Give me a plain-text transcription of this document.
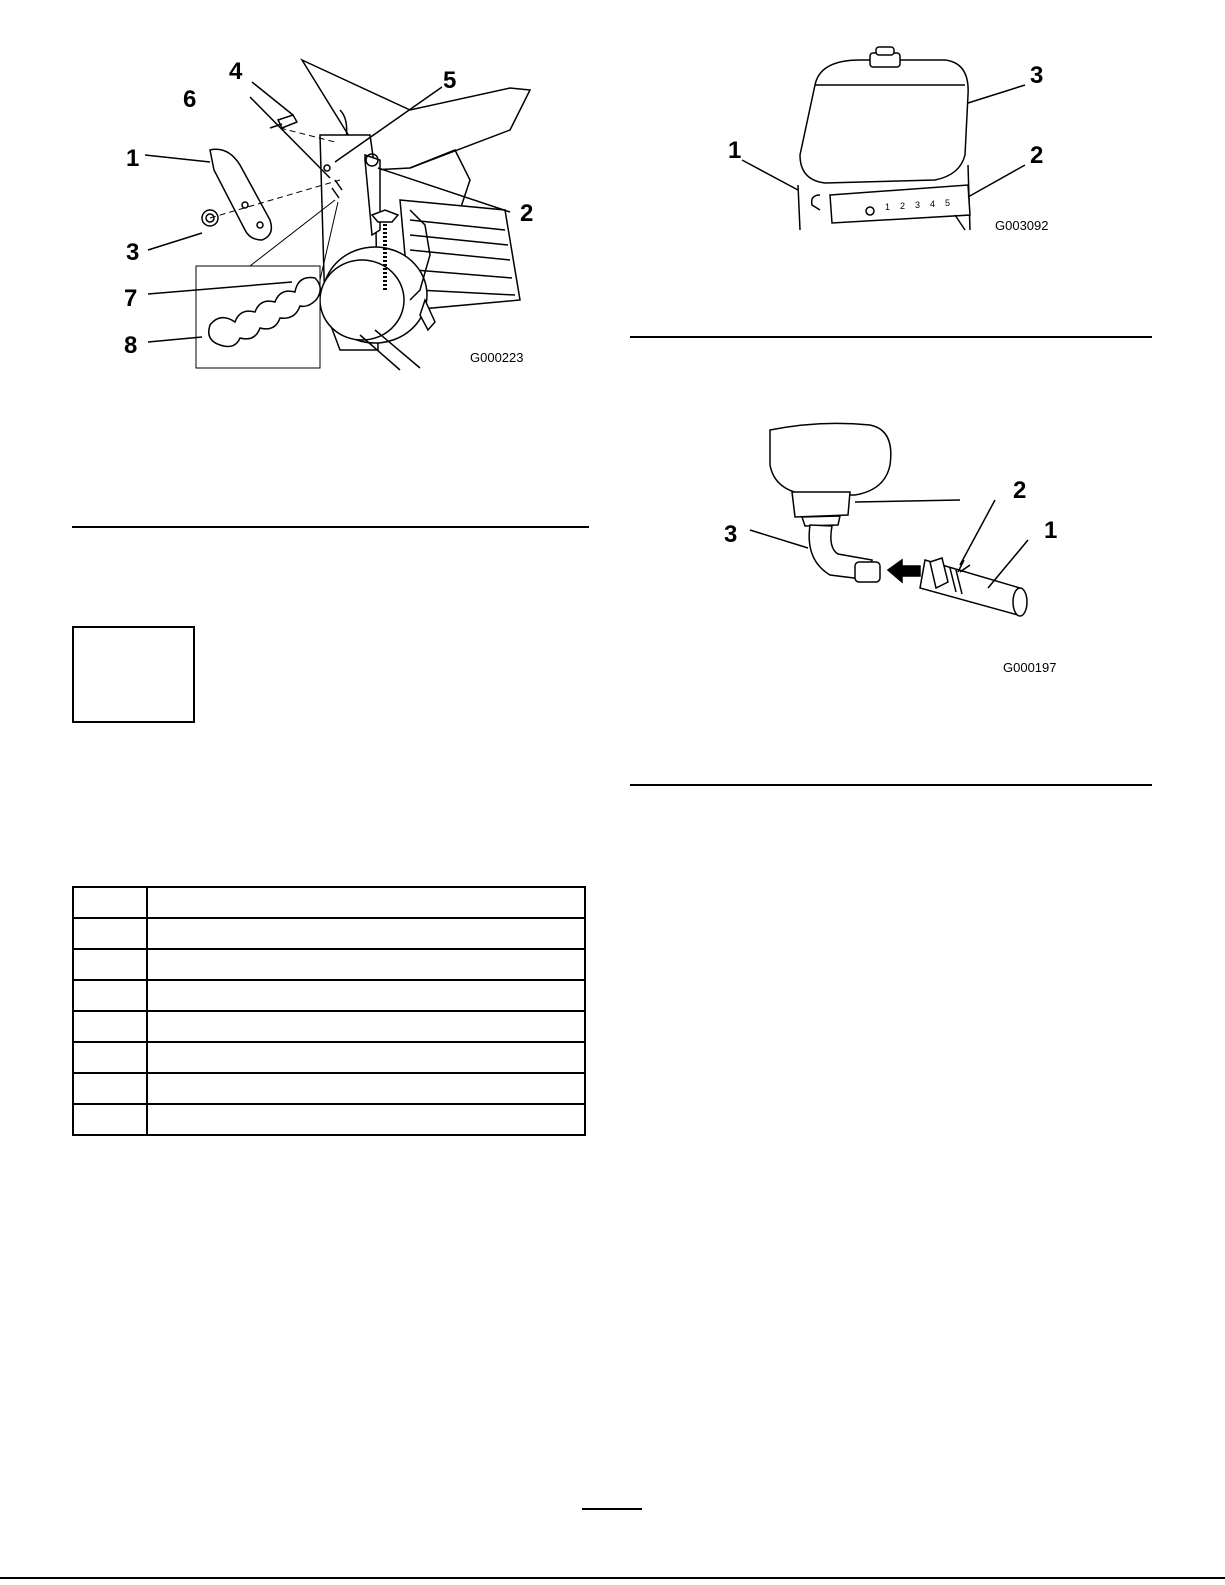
4	5
6
1
2
3
7
8	G000223

1 2 3 4 5
3
1	2
G003092
2
3	1
G000197
